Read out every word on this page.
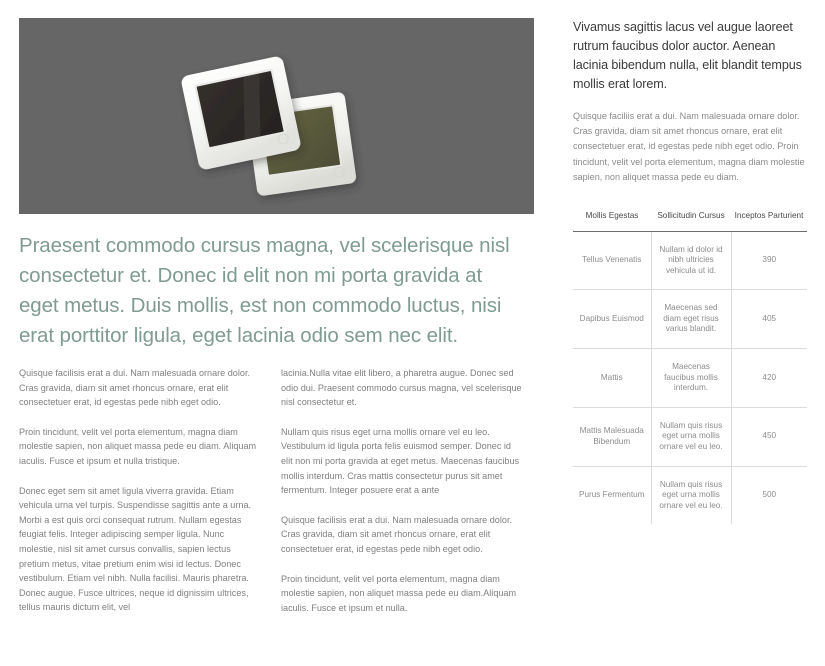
Praesent commodo cursus magna, vel scelerisque nisl consectetur et. Donec id elit non mi porta gravida at eget metus. Duis mollis, est non commodo luctus, nisi erat porttitor ligula, eget lacinia odio sem nec elit.

Quisque facilisis erat a dui. Nam malesuada ornare dolor. Cras gravida, diam sit amet rhoncus ornare, erat elit consectetuer erat, id egestas pede nibh eget odio.

Proin tincidunt, velit vel porta elementum, magna diam molestie sapien, non aliquet massa pede eu diam. Aliquam iaculis. Fusce et ipsum et nulla tristique.

Donec eget sem sit amet ligula viverra gravida. Etiam vehicula urna vel turpis. Suspendisse sagittis ante a urna. Morbi a est quis orci consequat rutrum. Nullam egestas feugiat felis. Integer adipiscing semper ligula. Nunc molestie, nisl sit amet cursus convallis, sapien lectus pretium metus, vitae pretium enim wisi id lectus. Donec vestibulum. Etiam vel nibh. Nulla facilisi. Mauris pharetra. Donec augue. Fusce ultrices, neque id dignissim ultrices, tellus mauris dictum elit, vel

lacinia.Nulla vitae elit libero, a pharetra augue. Donec sed odio dui. Praesent commodo cursus magna, vel scelerisque nisl consectetur et.

Nullam quis risus eget urna mollis ornare vel eu leo. Vestibulum id ligula porta felis euismod semper. Donec id elit non mi porta gravida at eget metus. Maecenas faucibus mollis interdum. Cras mattis consectetur purus sit amet fermentum. Integer posuere erat a ante

Quisque facilisis erat a dui. Nam malesuada ornare dolor. Cras gravida, diam sit amet rhoncus ornare, erat elit consectetuer erat, id egestas pede nibh eget odio.

Proin tincidunt, velit vel porta elementum, magna diam molestie sapien, non aliquet massa pede eu diam.Aliquam iaculis. Fusce et ipsum et nulla.

Vivamus sagittis lacus vel augue laoreet rutrum faucibus dolor auctor. Aenean lacinia bibendum nulla, elit blandit tempus mollis erat lorem.

Quisque faciliis erat a dui. Nam malesuada ornare dolor. Cras gravida, diam sit amet rhoncus ornare, erat elit consectetuer erat, id egestas pede nibh eget odio. Proin tincidunt, velit vel porta elementum, magna diam molestie sapien, non aliquet massa pede eu diam.

Mollis Egestas	Sollicitudin Cursus	Inceptos Parturient
Tellus Venenatis	Nullam id dolor id nibh ultricies vehicula ut id.	390
Dapibus Euismod	Maecenas sed diam eget risus varius blandit.	405
Mattis	Maecenas faucibus mollis interdum.	420
Mattis Malesuada Bibendum	Nullam quis risus eget urna mollis ornare vel eu leo.	450
Purus Fermentum	Nullam quis risus eget urna mollis ornare vel eu leo.	500
